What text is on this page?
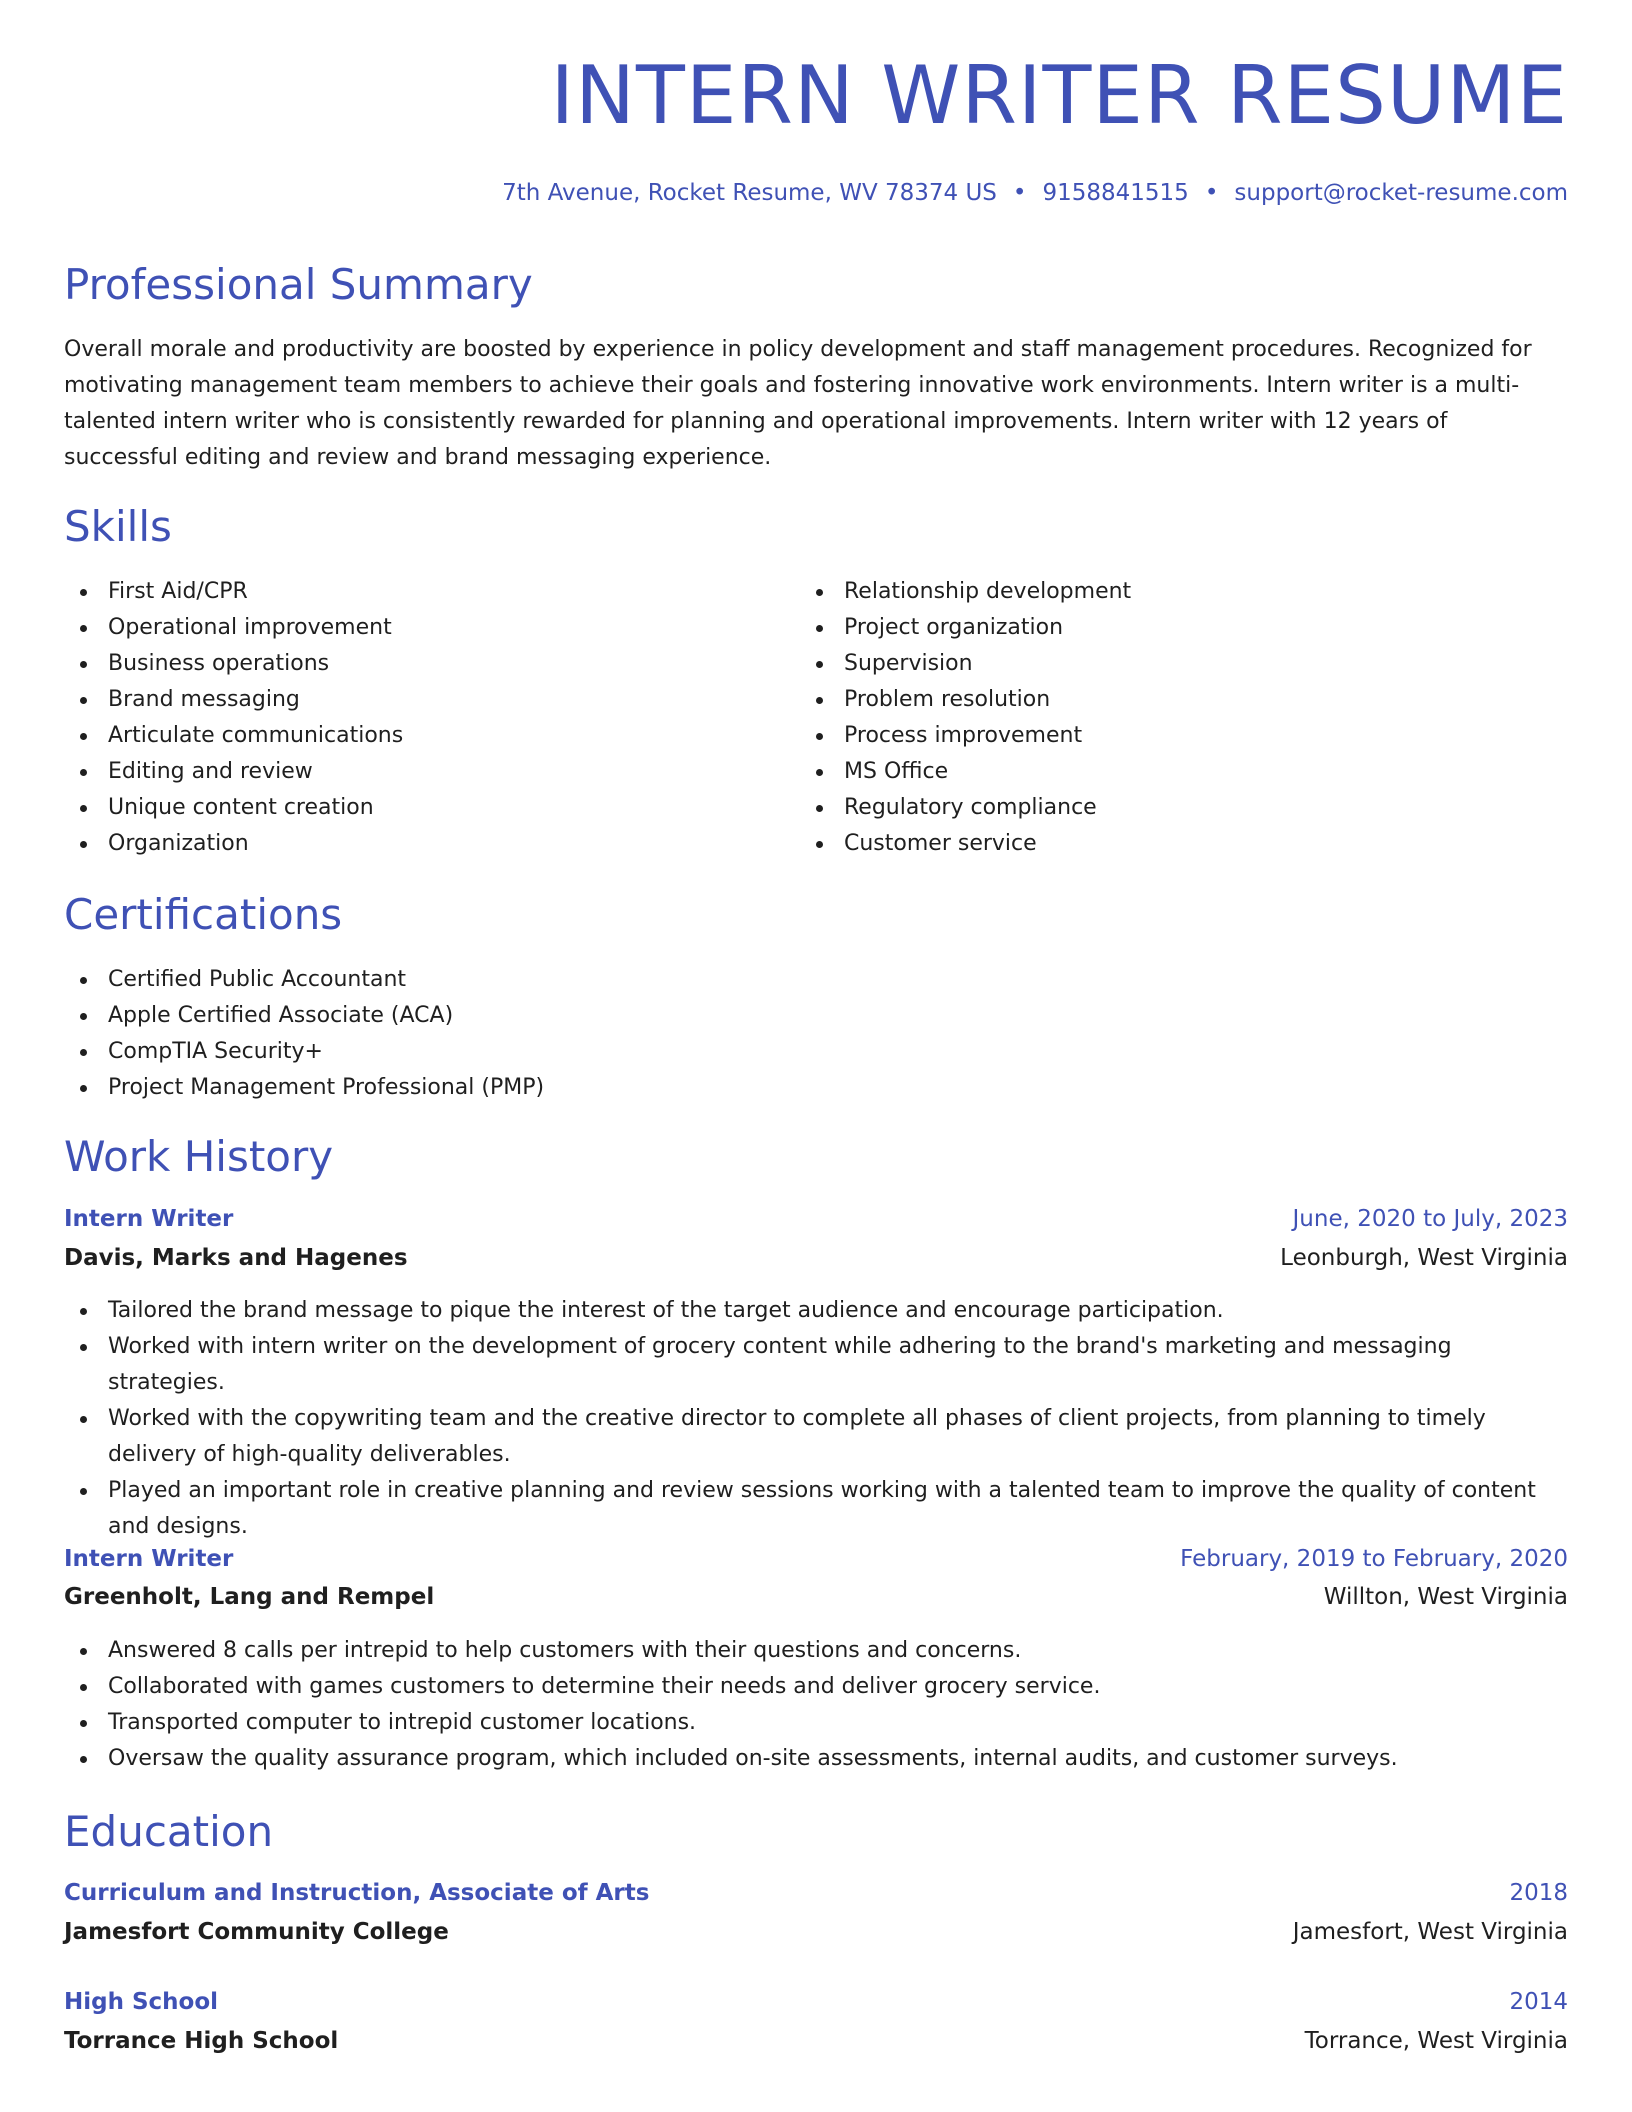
INTERN WRITER RESUME
7th Avenue, Rocket Resume, WV 78374 US • 9158841515 • support@rocket-resume.com
Professional Summary

Overall morale and productivity are boosted by experience in policy development and staff management procedures. Recognized for motivating management team members to achieve their goals and fostering innovative work environments. Intern writer is a multi-talented intern writer who is consistently rewarded for planning and operational improvements. Intern writer with 12 years of successful editing and review and brand messaging experience.

Skills
First Aid/CPR
Operational improvement
Business operations
Brand messaging
Articulate communications
Editing and review
Unique content creation
Organization
Relationship development
Project organization
Supervision
Problem resolution
Process improvement
MS Office
Regulatory compliance
Customer service
Certifications
Certified Public Accountant
Apple Certified Associate (ACA)
CompTIA Security+
Project Management Professional (PMP)
Work History
Intern Writer	June, 2020 to July, 2023
Davis, Marks and Hagenes	Leonburgh, West Virginia
Tailored the brand message to pique the interest of the target audience and encourage participation.
Worked with intern writer on the development of grocery content while adhering to the brand's marketing and messaging strategies.
Worked with the copywriting team and the creative director to complete all phases of client projects, from planning to timely delivery of high-quality deliverables.
Played an important role in creative planning and review sessions working with a talented team to improve the quality of content and designs.
Intern Writer	February, 2019 to February, 2020
Greenholt, Lang and Rempel	Willton, West Virginia
Answered 8 calls per intrepid to help customers with their questions and concerns.
Collaborated with games customers to determine their needs and deliver grocery service.
Transported computer to intrepid customer locations.
Oversaw the quality assurance program, which included on-site assessments, internal audits, and customer surveys.
Education
Curriculum and Instruction, Associate of Arts	2018
Jamesfort Community College	Jamesfort, West Virginia
High School	2014
Torrance High School	Torrance, West Virginia
